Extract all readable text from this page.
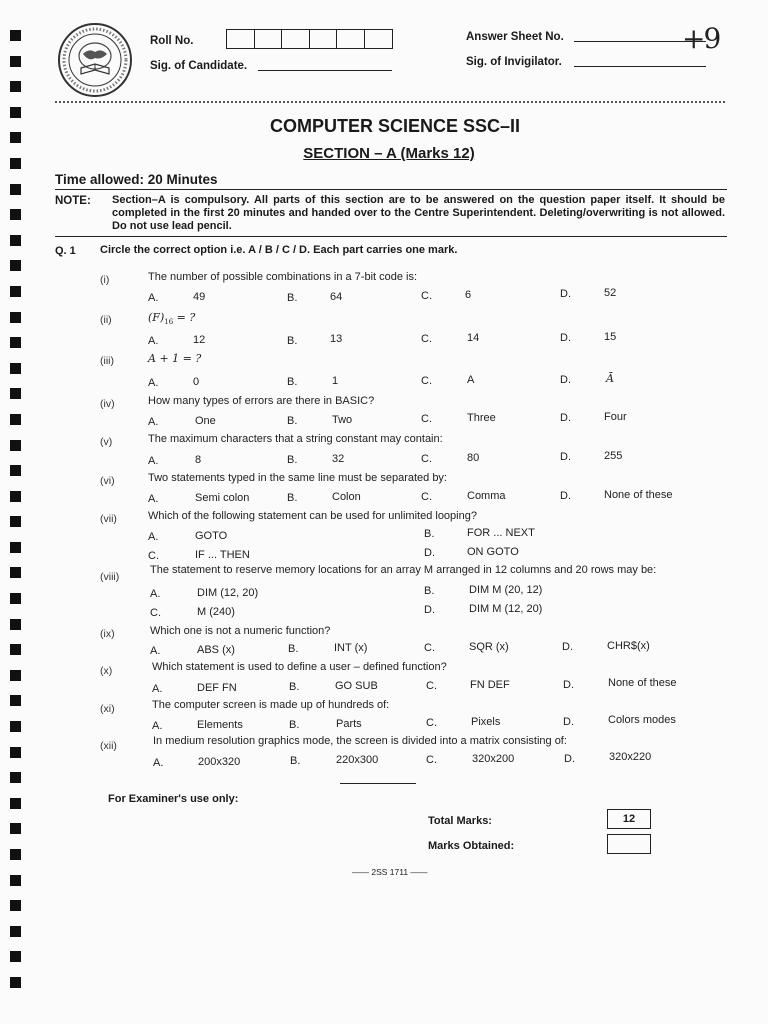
Roll No.
Sig. of Candidate.
Answer Sheet No.
Sig. of Invigilator.
+9
COMPUTER SCIENCE SSC–II
SECTION – A (Marks 12)
Time allowed: 20 Minutes
NOTE: Section–A is compulsory. All parts of this section are to be answered on the question paper itself. It should be completed in the first 20 minutes and handed over to the Centre Superintendent. Deleting/overwriting is not allowed. Do not use lead pencil.
Q. 1 Circle the correct option i.e. A / B / C / D. Each part carries one mark.
(i)	The number of possible combinations in a 7-bit code is:
A.	49	B.	64	C.	6	D.	52
(ii)	$(F)_{16}$ = ?
A.	12	B.	13	C.	14	D.	15
(iii)	A + 1 = ?
A.	0	B.	1	C.	A	D.	Ā
(iv)	How many types of errors are there in BASIC?
A.	One	B.	Two	C.	Three	D.	Four
(v)	The maximum characters that a string constant may contain:
A.	8	B.	32	C.	80	D.	255
(vi)	Two statements typed in the same line must be separated by:
A.	Semi colon	B.	Colon	C.	Comma	D.	None of these
(vii)	Which of the following statement can be used for unlimited looping?
A.	GOTO	B.	FOR ... NEXT
C.	IF ... THEN	D.	ON GOTO
(viii)
The statement to reserve memory locations for an array M arranged in 12 columns and 20 rows may be:
A.	DIM (12, 20)	B.	DIM M (20, 12)
C.	M (240)	D.	DIM M (12, 20)
(ix)	Which one is not a numeric function?
A.	ABS (x)	B.	INT (x)	C.	SQR (x)	D.	CHR$(x)
(x)	Which statement is used to define a user – defined function?
A.	DEF FN	B.	GO SUB	C.	FN DEF	D.	None of these
(xi)	The computer screen is made up of hundreds of:
A.	Elements	B.	Parts	C.	Pixels	D.	Colors modes
(xii)	In medium resolution graphics mode, the screen is divided into a matrix consisting of:
A.	200x320	B.	220x300	C.	320x200	D.	320x220
For Examiner's use only:
Total Marks:	12
Marks Obtained:
—— 2SS 1711 ——
